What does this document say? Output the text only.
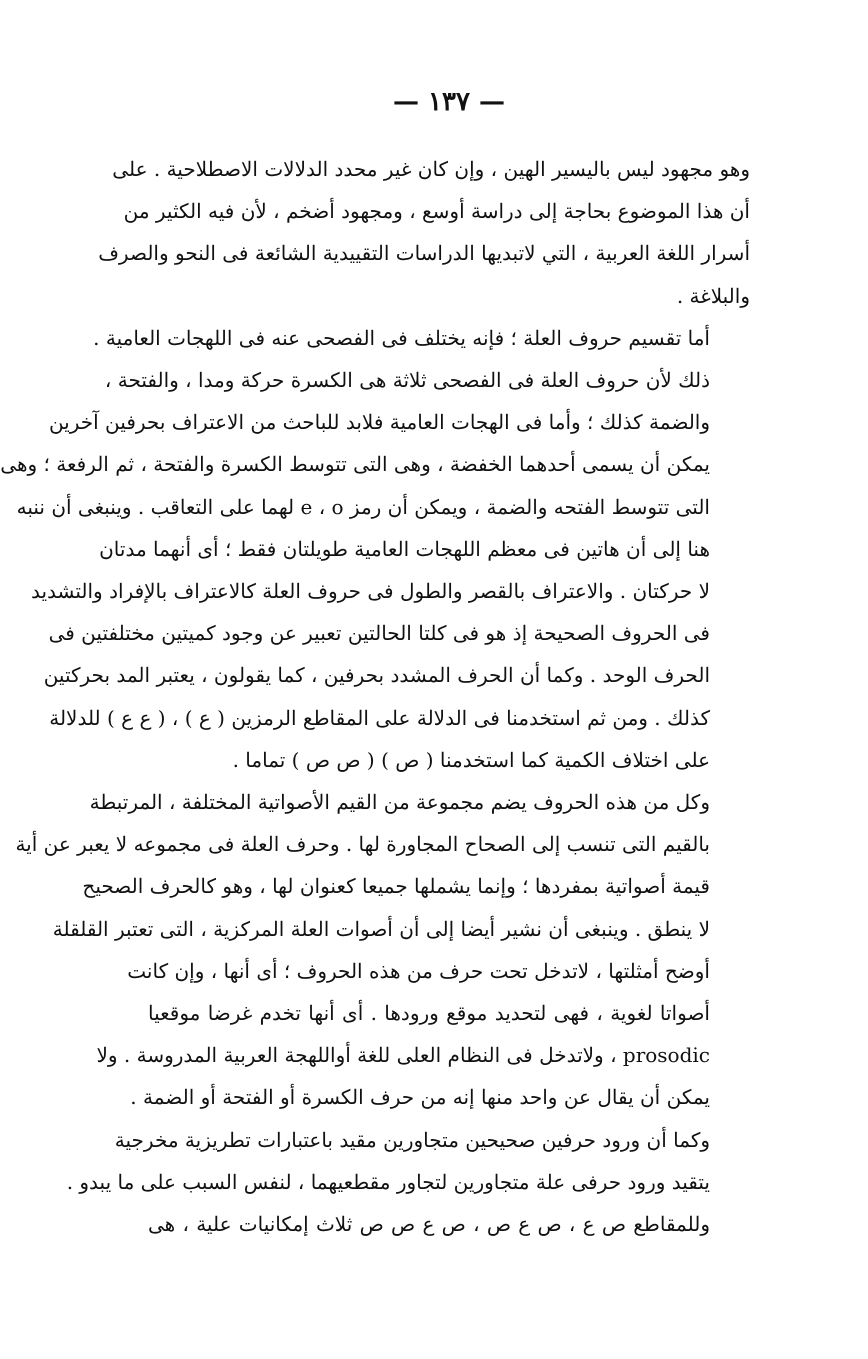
— ١٣٧ —

وهو مجهود ليس باليسير الهين ، وإن كان غير محدد الدلالات الاصطلاحية . على
أن هذا الموضوع بحاجة إلى دراسة أوسع ، ومجهود أضخم ، لأن فيه الكثير من
أسرار اللغة العربية ، التي لاتبديها الدراسات التقييدية الشائعة فى النحو والصرف
والبلاغة .

أما تقسيم حروف العلة ؛ فإنه يختلف فى الفصحى عنه فى اللهجات العامية .
ذلك لأن حروف العلة فى الفصحى ثلاثة هى الكسرة حركة ومدا ، والفتحة ،
والضمة كذلك ؛ وأما فى الهجات العامية فلابد للباحث من الاعتراف بحرفين آخرين
يمكن أن يسمى أحدهما الخفضة ، وهى التى تتوسط الكسرة والفتحة ، ثم الرفعة ؛ وهى
التى تتوسط الفتحه والضمة ، ويمكن أن رمز e ، o لهما على التعاقب . وينبغى أن ننبه
هنا إلى أن هاتين فى معظم اللهجات العامية طويلتان فقط ؛ أى أنهما مدتان
لا حركتان . والاعتراف بالقصر والطول فى حروف العلة كالاعتراف بالإفراد والتشديد
فى الحروف الصحيحة إذ هو فى كلتا الحالتين تعبير عن وجود كميتين مختلفتين فى
الحرف الوحد . وكما أن الحرف المشدد بحرفين ، كما يقولون ، يعتبر المد بحركتين
كذلك . ومن ثم استخدمنا فى الدلالة على المقاطع الرمزين ( ع ) ، ( ع ع ) للدلالة
على اختلاف الكمية كما استخدمنا ( ص ) ( ص ص ) تماما .

وكل من هذه الحروف يضم مجموعة من القيم الأصواتية المختلفة ، المرتبطة
بالقيم التى تنسب إلى الصحاح المجاورة لها . وحرف العلة فى مجموعه لا يعبر عن أية
قيمة أصواتية بمفردها ؛ وإنما يشملها جميعا كعنوان لها ، وهو كالحرف الصحيح
لا ينطق . وينبغى أن نشير أيضا إلى أن أصوات العلة المركزية ، التى تعتبر القلقلة
أوضح أمثلتها ، لاتدخل تحت حرف من هذه الحروف ؛ أى أنها ، وإن كانت
أصواتا لغوية ، فهى لتحديد موقع ورودها . أى أنها تخدم غرضا موقعيا
prosodic ، ولاتدخل فى النظام العلى للغة أواللهجة العربية المدروسة . ولا
يمكن أن يقال عن واحد منها إنه من حرف الكسرة أو الفتحة أو الضمة .

وكما أن ورود حرفين صحيحين متجاورين مقيد باعتبارات تطريزية مخرجية
يتقيد ورود حرفى علة متجاورين لتجاور مقطعيهما ، لنفس السبب على ما يبدو .
وللمقاطع ص ع ، ص ع ص ، ص ع ص ص ثلاث إمكانيات علية ، هى
